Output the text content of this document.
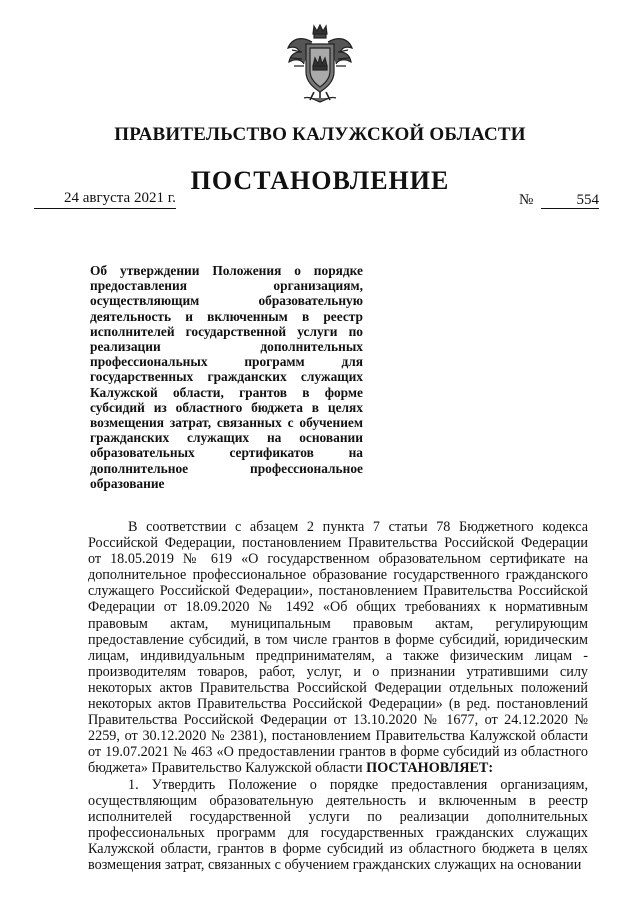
ПРАВИТЕЛЬСТВО КАЛУЖСКОЙ ОБЛАСТИ
ПОСТАНОВЛЕНИЕ
24 августа 2021 г.	№	554
Об утверждении Положения о порядке предоставления организациям, осуществляющим образовательную деятельность и включенным в реестр исполнителей государственной услуги по реализации дополнительных профессиональных программ для государственных гражданских служащих Калужской области, грантов в форме субсидий из областного бюджета в целях возмещения затрат, связанных с обучением гражданских служащих на основании образовательных сертификатов на дополнительное профессиональное образование

В соответствии с абзацем 2 пункта 7 статьи 78 Бюджетного кодекса Российской Федерации, постановлением Правительства Российской Федерации от 18.05.2019 № 619 «О государственном образовательном сертификате на дополнительное профессиональное образование государственного гражданского служащего Российской Федерации», постановлением Правительства Российской Федерации от 18.09.2020 № 1492 «Об общих требованиях к нормативным правовым актам, муниципальным правовым актам, регулирующим предоставление субсидий, в том числе грантов в форме субсидий, юридическим лицам, индивидуальным предпринимателям, а также физическим лицам - производителям товаров, работ, услуг, и о признании утратившими силу некоторых актов Правительства Российской Федерации отдельных положений некоторых актов Правительства Российской Федерации» (в ред. постановлений Правительства Российской Федерации от 13.10.2020 № 1677, от 24.12.2020 № 2259, от 30.12.2020 № 2381), постановлением Правительства Калужской области от 19.07.2021 № 463 «О предоставлении грантов в форме субсидий из областного бюджета» Правительство Калужской области ПОСТАНОВЛЯЕТ:

1. Утвердить Положение о порядке предоставления организациям, осуществляющим образовательную деятельность и включенным в реестр исполнителей государственной услуги по реализации дополнительных профессиональных программ для государственных гражданских служащих Калужской области, грантов в форме субсидий из областного бюджета в целях возмещения затрат, связанных с обучением гражданских служащих на основании
